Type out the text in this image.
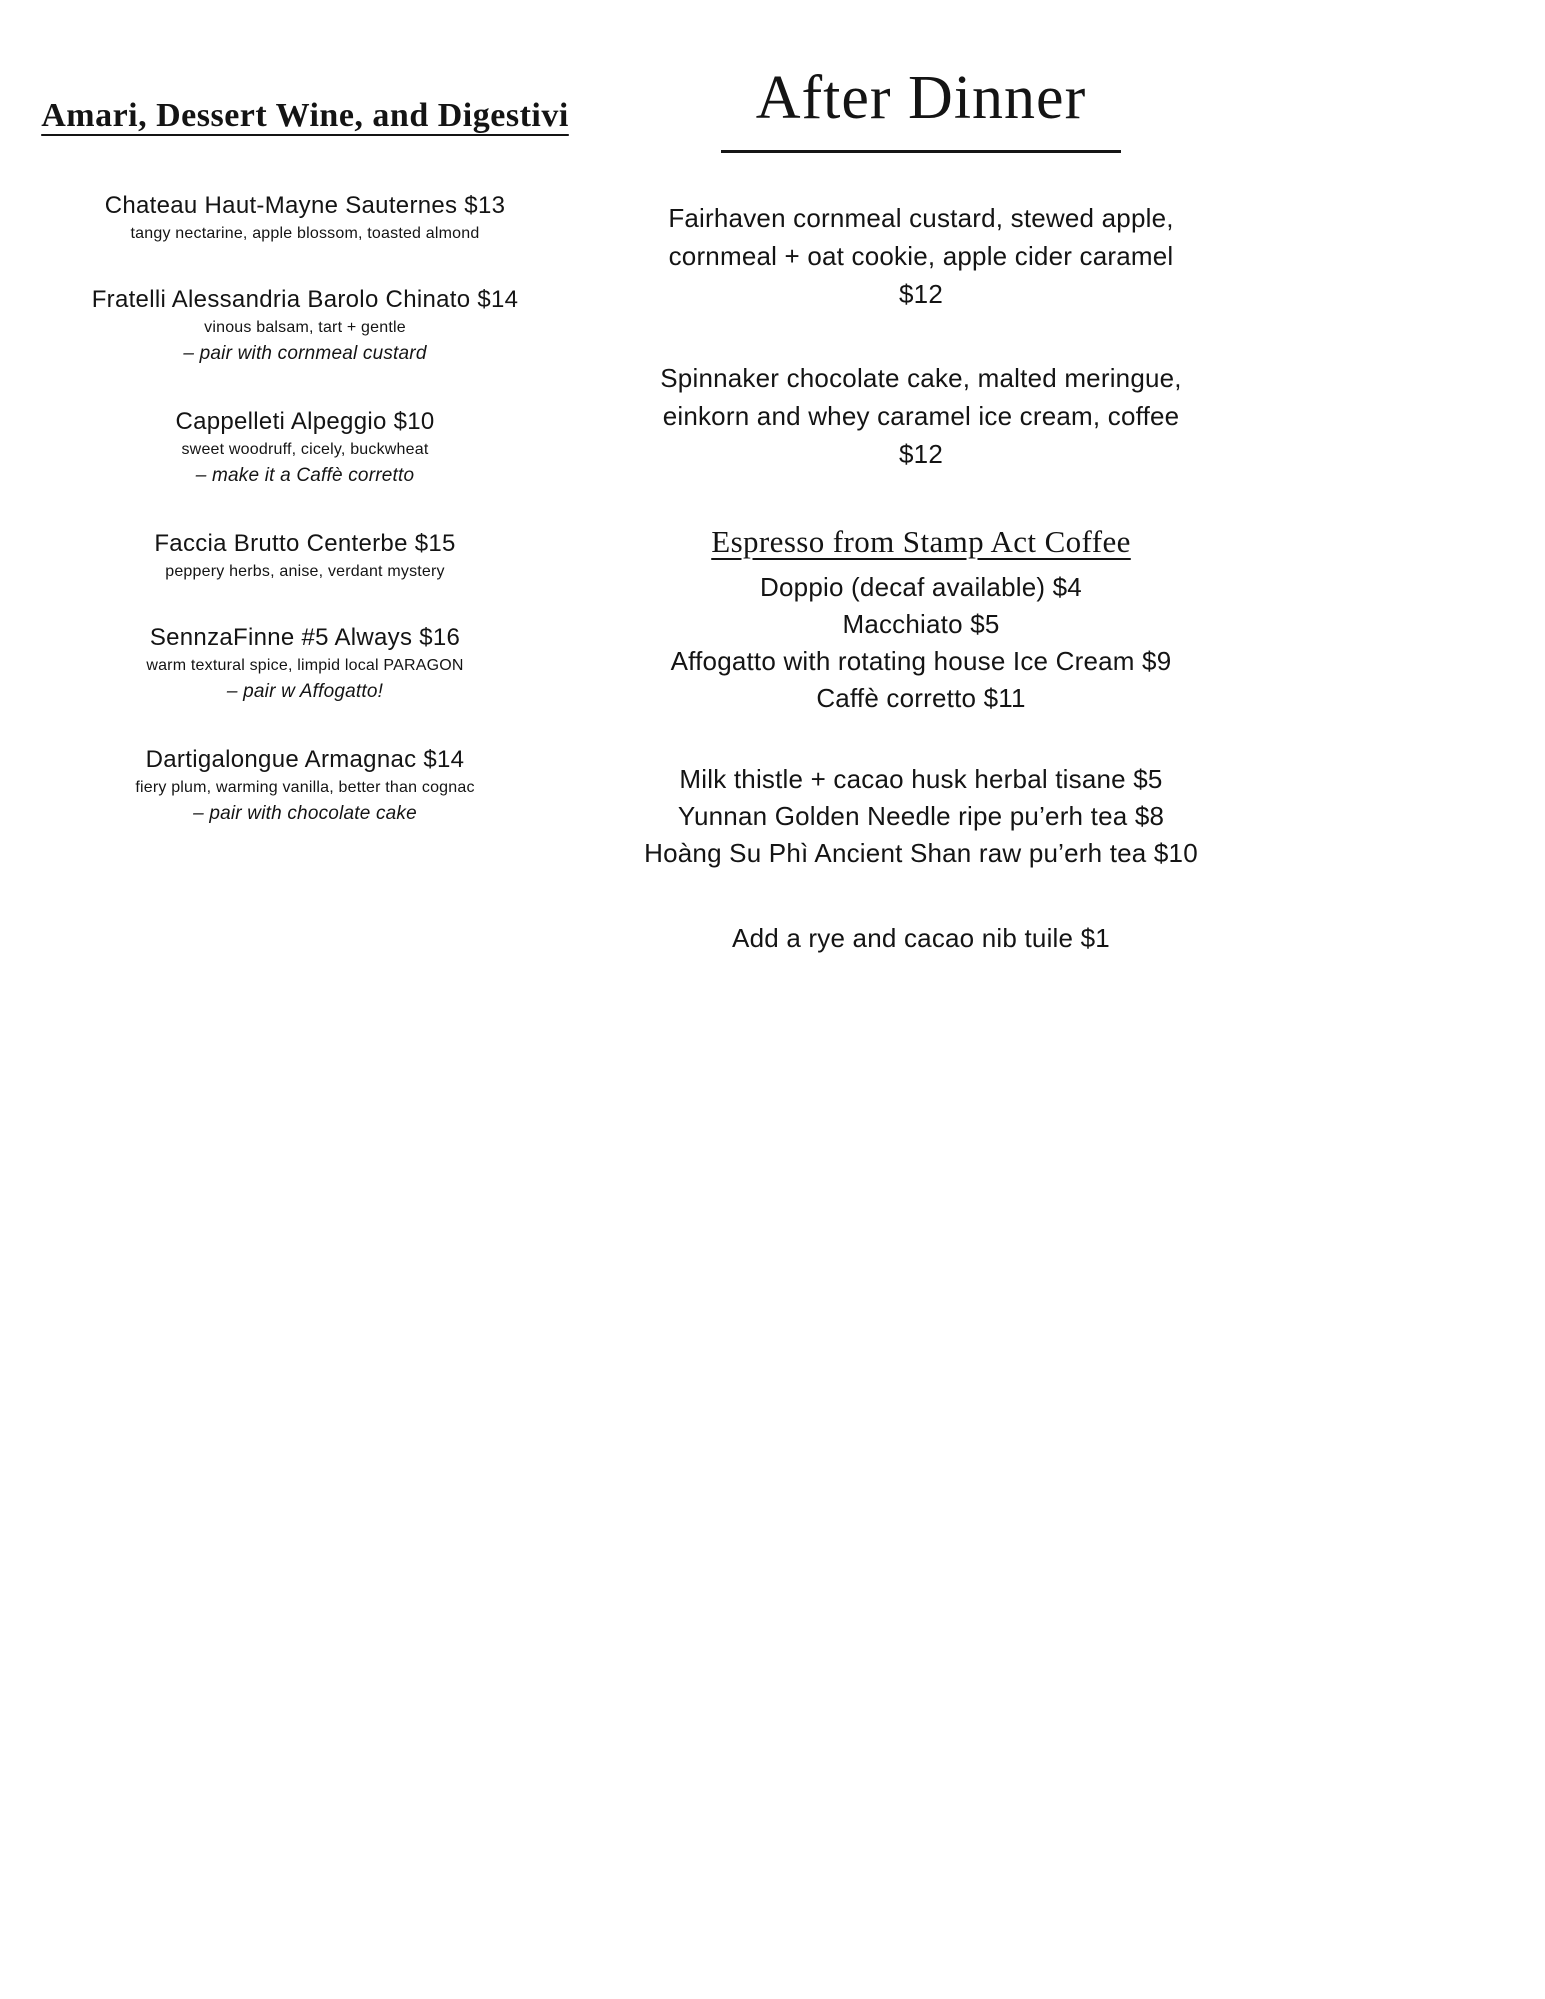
Amari, Dessert Wine, and Digestivi
Chateau Haut-Mayne Sauternes $13
tangy nectarine, apple blossom, toasted almond
Fratelli Alessandria Barolo Chinato $14
vinous balsam, tart + gentle
– pair with cornmeal custard
Cappelleti Alpeggio $10
sweet woodruff, cicely, buckwheat
– make it a Caffè corretto
Faccia Brutto Centerbe $15
peppery herbs, anise, verdant mystery
SennzaFinne #5 Always $16
warm textural spice, limpid local PARAGON
– pair w Affogatto!
Dartigalongue Armagnac $14
fiery plum, warming vanilla, better than cognac
– pair with chocolate cake
After Dinner
Fairhaven cornmeal custard, stewed apple, cornmeal + oat cookie, apple cider caramel
$12
Spinnaker chocolate cake, malted meringue, einkorn and whey caramel ice cream, coffee
$12
Espresso from Stamp Act Coffee
Doppio (decaf available) $4
Macchiato $5
Affogatto with rotating house Ice Cream $9
Caffè corretto $11
Milk thistle + cacao husk herbal tisane $5
Yunnan Golden Needle ripe pu’erh tea $8
Hoàng Su Phì Ancient Shan raw pu’erh tea $10
Add a rye and cacao nib tuile $1
